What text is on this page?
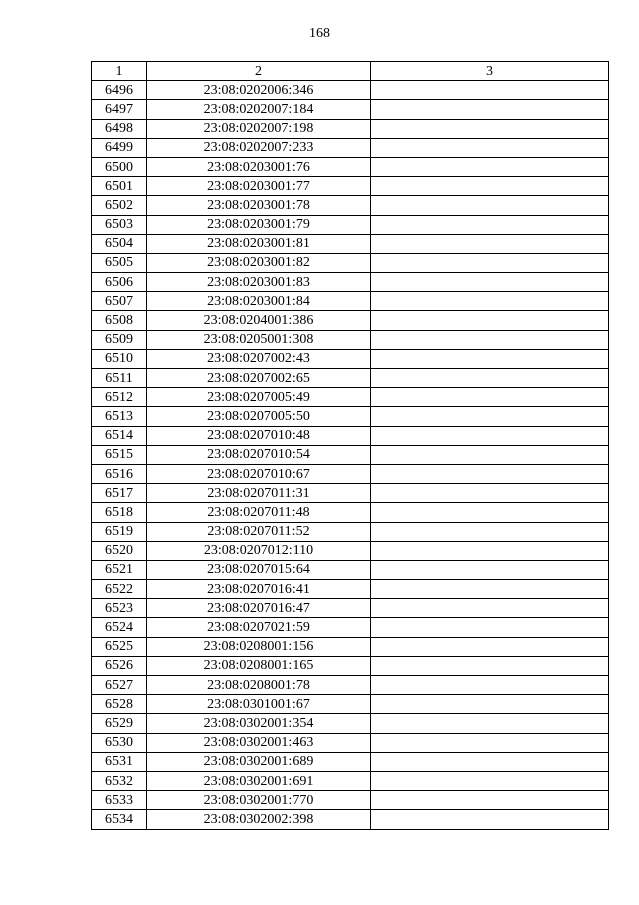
168
1	2	3
6496	23:08:0202006:346	
6497	23:08:0202007:184	
6498	23:08:0202007:198	
6499	23:08:0202007:233	
6500	23:08:0203001:76	
6501	23:08:0203001:77	
6502	23:08:0203001:78	
6503	23:08:0203001:79	
6504	23:08:0203001:81	
6505	23:08:0203001:82	
6506	23:08:0203001:83	
6507	23:08:0203001:84	
6508	23:08:0204001:386	
6509	23:08:0205001:308	
6510	23:08:0207002:43	
6511	23:08:0207002:65	
6512	23:08:0207005:49	
6513	23:08:0207005:50	
6514	23:08:0207010:48	
6515	23:08:0207010:54	
6516	23:08:0207010:67	
6517	23:08:0207011:31	
6518	23:08:0207011:48	
6519	23:08:0207011:52	
6520	23:08:0207012:110	
6521	23:08:0207015:64	
6522	23:08:0207016:41	
6523	23:08:0207016:47	
6524	23:08:0207021:59	
6525	23:08:0208001:156	
6526	23:08:0208001:165	
6527	23:08:0208001:78	
6528	23:08:0301001:67	
6529	23:08:0302001:354	
6530	23:08:0302001:463	
6531	23:08:0302001:689	
6532	23:08:0302001:691	
6533	23:08:0302001:770	
6534	23:08:0302002:398	
